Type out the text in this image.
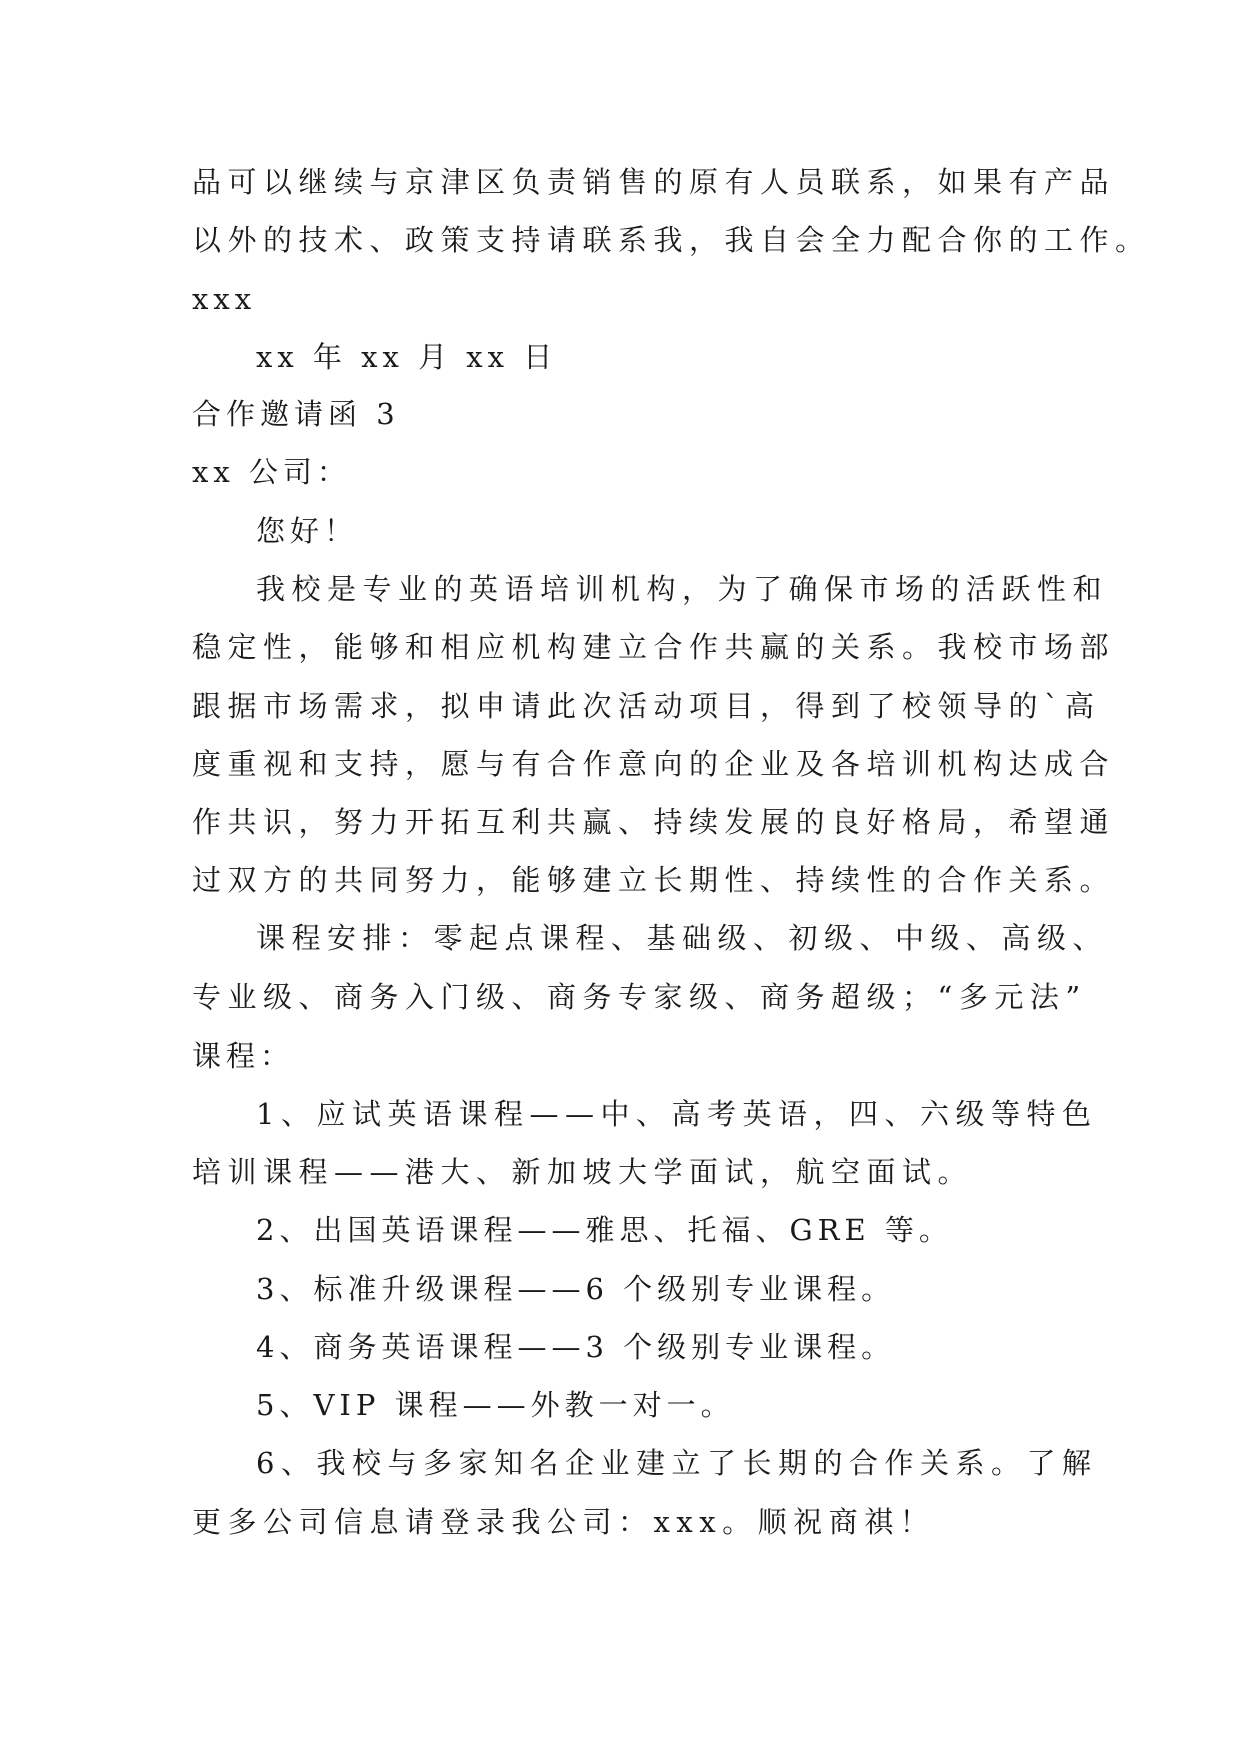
品可以继续与京津区负责销售的原有人员联系，如果有产品
以外的技术、政策支持请联系我，我自会全力配合你的工作。
xxx
xx 年 xx 月 xx 日
合作邀请函 3
xx 公司：
您好！
我校是专业的英语培训机构，为了确保市场的活跃性和
稳定性，能够和相应机构建立合作共赢的关系。我校市场部
跟据市场需求，拟申请此次活动项目，得到了校领导的`高
度重视和支持，愿与有合作意向的企业及各培训机构达成合
作共识，努力开拓互利共赢、持续发展的良好格局，希望通
过双方的共同努力，能够建立长期性、持续性的合作关系。
课程安排：零起点课程、基础级、初级、中级、高级、
专业级、商务入门级、商务专家级、商务超级；“多元法”
课程：
1、应试英语课程——中、高考英语，四、六级等特色
培训课程——港大、新加坡大学面试，航空面试。
2、出国英语课程——雅思、托福、GRE 等。
3、标准升级课程——6 个级别专业课程。
4、商务英语课程——3 个级别专业课程。
5、VIP 课程——外教一对一。
6、我校与多家知名企业建立了长期的合作关系。了解
更多公司信息请登录我公司：xxx。顺祝商祺！
